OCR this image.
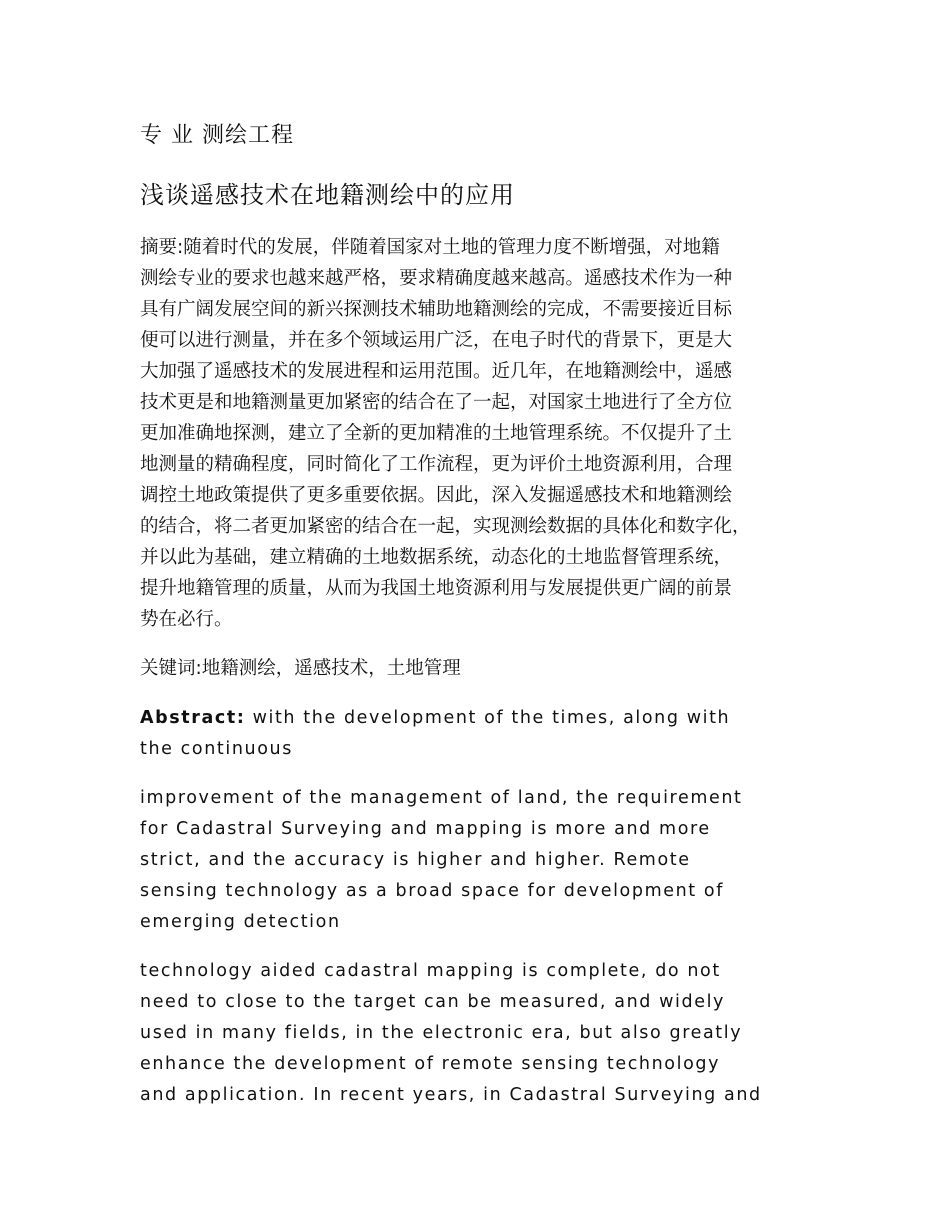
专 业 测绘工程
浅谈遥感技术在地籍测绘中的应用
摘要:随着时代的发展，伴随着国家对土地的管理力度不断增强，对地籍
测绘专业的要求也越来越严格，要求精确度越来越高。遥感技术作为一种
具有广阔发展空间的新兴探测技术辅助地籍测绘的完成，不需要接近目标
便可以进行测量，并在多个领域运用广泛，在电子时代的背景下，更是大
大加强了遥感技术的发展进程和运用范围。近几年，在地籍测绘中，遥感
技术更是和地籍测量更加紧密的结合在了一起，对国家土地进行了全方位
更加准确地探测，建立了全新的更加精准的土地管理系统。不仅提升了土
地测量的精确程度，同时简化了工作流程，更为评价土地资源利用，合理
调控土地政策提供了更多重要依据。因此，深入发掘遥感技术和地籍测绘
的结合，将二者更加紧密的结合在一起，实现测绘数据的具体化和数字化，
并以此为基础，建立精确的土地数据系统，动态化的土地监督管理系统，
提升地籍管理的质量，从而为我国土地资源利用与发展提供更广阔的前景
势在必行。
关键词:地籍测绘，遥感技术，土地管理
Abstract: with the development of the times, along with
the continuous
improvement of the management of land, the requirement
for Cadastral Surveying and mapping is more and more
strict, and the accuracy is higher and higher. Remote
sensing technology as a broad space for development of
emerging detection
technology aided cadastral mapping is complete, do not
need to close to the target can be measured, and widely
used in many fields, in the electronic era, but also greatly
enhance the development of remote sensing technology
and application. In recent years, in Cadastral Surveying and
